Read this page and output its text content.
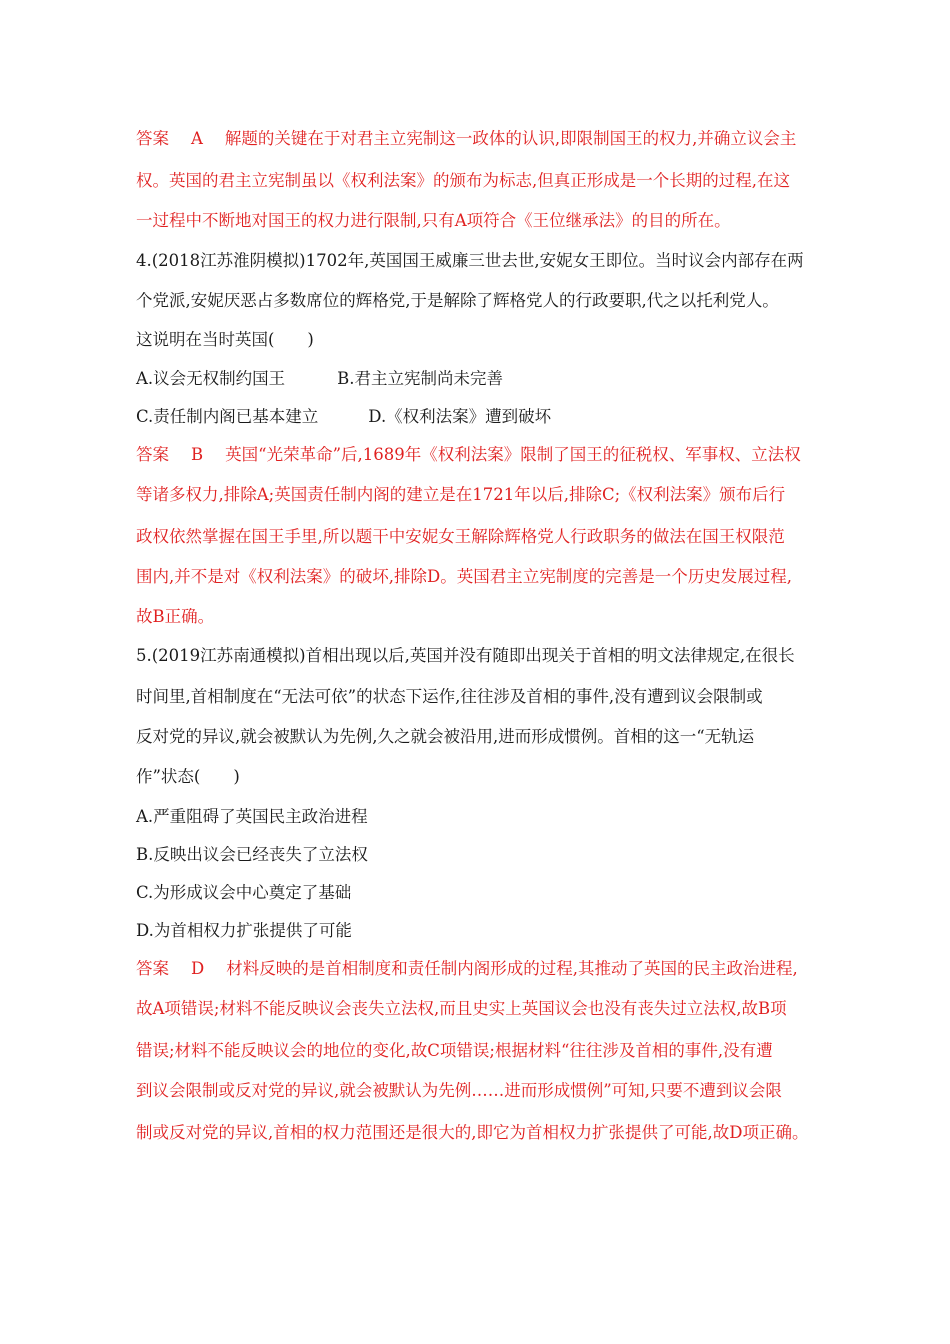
答案 A 解题的关键在于对君主立宪制这一政体的认识,即限制国王的权力,并确立议会主
权。英国的君主立宪制虽以《权利法案》的颁布为标志,但真正形成是一个长期的过程,在这
一过程中不断地对国王的权力进行限制,只有A项符合《王位继承法》的目的所在。
4.(2018江苏淮阴模拟)1702年,英国国王威廉三世去世,安妮女王即位。当时议会内部存在两
个党派,安妮厌恶占多数席位的辉格党,于是解除了辉格党人的行政要职,代之以托利党人。
这说明在当时英国(　　)
A.议会无权制约国王	B.君主立宪制尚未完善
C.责任制内阁已基本建立	D.《权利法案》遭到破坏
答案 B 英国“光荣革命”后,1689年《权利法案》限制了国王的征税权、军事权、立法权
等诸多权力,排除A;英国责任制内阁的建立是在1721年以后,排除C;《权利法案》颁布后行
政权依然掌握在国王手里,所以题干中安妮女王解除辉格党人行政职务的做法在国王权限范
围内,并不是对《权利法案》的破坏,排除D。英国君主立宪制度的完善是一个历史发展过程,
故B正确。
5.(2019江苏南通模拟)首相出现以后,英国并没有随即出现关于首相的明文法律规定,在很长
时间里,首相制度在“无法可依”的状态下运作,往往涉及首相的事件,没有遭到议会限制或
反对党的异议,就会被默认为先例,久之就会被沿用,进而形成惯例。首相的这一“无轨运
作”状态(　　)
A.严重阻碍了英国民主政治进程
B.反映出议会已经丧失了立法权
C.为形成议会中心奠定了基础
D.为首相权力扩张提供了可能
答案 D 材料反映的是首相制度和责任制内阁形成的过程,其推动了英国的民主政治进程,
故A项错误;材料不能反映议会丧失立法权,而且史实上英国议会也没有丧失过立法权,故B项
错误;材料不能反映议会的地位的变化,故C项错误;根据材料“往往涉及首相的事件,没有遭
到议会限制或反对党的异议,就会被默认为先例……进而形成惯例”可知,只要不遭到议会限
制或反对党的异议,首相的权力范围还是很大的,即它为首相权力扩张提供了可能,故D项正确。
